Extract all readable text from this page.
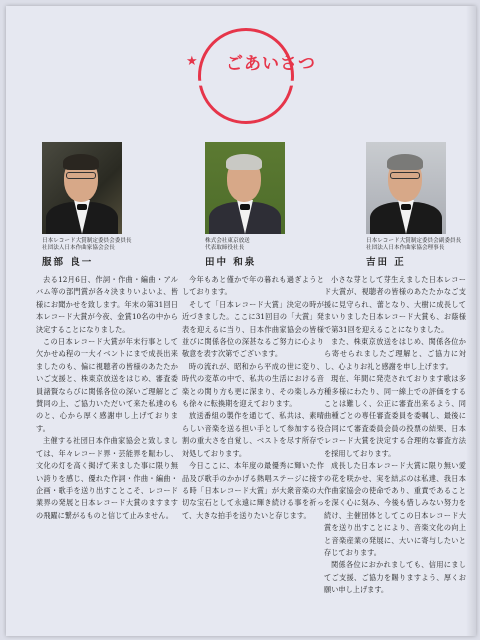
★ ごあいさつ
日本レコード大賞制定委員会委員長
社団法人日本作曲家協会会長
服部 良一
株式会社東京放送
代表取締役社長
田中 和泉
日本レコード大賞制定委員会副委員長
社団法人日本作曲家協会理事長
吉田 正

去る12月6日、作詞・作曲・編曲・アルバム等の部門賞が各々決まりいよいよ、皆様にお聞かせを致します。年末の第31回日本レコード大賞が今夜、金賞10名の中から決定することになりました。

この日本レコード大賞が年末行事として欠かせぬ程の一大イベントにまで成長出来ましたのも、偏に視聴者の皆様のあたたかいご支援と、株東京放送をはじめ、審査委員諸賢ならびに関係各位の深いご理解とご賛同の上、ご協力いただいて来た私達のものと、心から厚く感謝申し上げております。

主催する社団日本作曲家協会と致しましては、年々レコード界・芸能界を賑わし、文化の灯を高く掲げて来ました事に限り無い誇りを感じ、優れた作詞・作曲・編曲・企画・歌手を送り出すことこそ、レコード業界の発展と日本レコード大賞のますますの飛躍に繋がるものと信じて止みません。

今年もあと僅かで年の暮れも過ぎようとしております。

そして「日本レコード大賞」決定の時が近づきました。ここに31回目の「大賞」発表を迎えるに当り、日本作曲家協会の皆様並びに関係各位の深甚なるご努力に心より敬意を表す次第でございます。

時の流れが、昭和から平成の世に変り、時代の変革の中で、私共の生活における音楽との関り方も更に深まり、その楽しみ方も徐々に転換期を迎えております。

放送番組の製作を通じて、私共は、素晴らしい音楽を送る担い手として参加する役割の重大さを自覚し、ベストを尽す所存で対処しております。

今日ここに、本年度の最優秀に輝いた作品及び歌手のかかげる熱唱ステージに接する時「日本レコード大賞」が大衆音楽の大切な宝石として永遠に輝き続ける事を祈って、大きな拍手を送りたいと存じます。

小さな芽として芽生えました日本レコード大賞が、視聴者の皆様のあたたかなご支援に見守られ、蕾となり、大樹に成長してまいりました日本レコード大賞も、お蔭様で第31回を迎えることになりました。

また、株東京放送をはじめ、関係各位から寄せられましたご理解と、ご協力に対し、心よりお礼と感謝を申し上げます。

現在、年間に発売されております歌は多種多様にわたり、同一線上での評価をすることは難しく、公正に審査出来るよう、同曲種ごとの専任審査委員を委嘱し、最後に合同にて審査委員会員の投票の結果、日本レコード大賞を決定する合理的な審査方法を採用しております。

成長した日本レコード大賞に限り無い愛の花を咲かせ、実を結ぶのは私達、我日本作曲家協会の使命であり、重責であることを深く心に刻み、今後も惜しみない努力を続け、主催団体としてこの日本レコード大賞を送り出すことにより、音楽文化の向上と音楽産業の発展に、大いに寄与したいと存じております。

関係各位におかれましても、信用にましてご支援、ご協力を賜りますよう、厚くお願い申し上げます。
